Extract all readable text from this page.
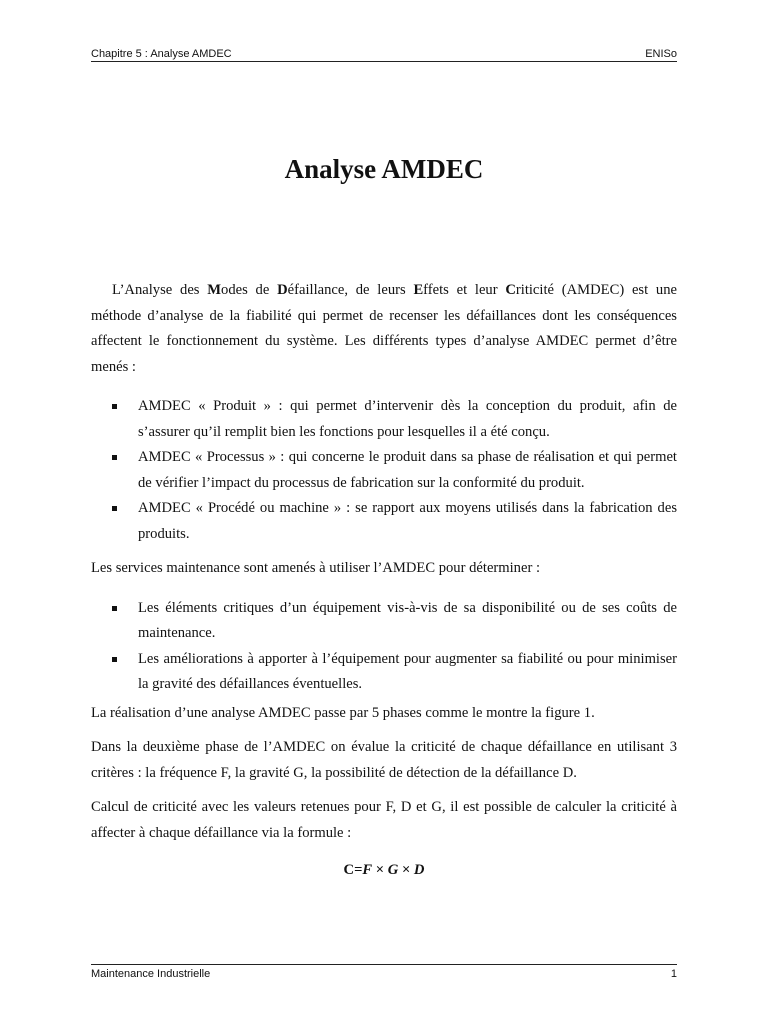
Chapitre 5 : Analyse AMDEC	ENISo
Analyse AMDEC

L’Analyse des Modes de Défaillance, de leurs Effets et leur Criticité (AMDEC) est une méthode d’analyse de la fiabilité qui permet de recenser les défaillances dont les conséquences affectent le fonctionnement du système. Les différents types d’analyse AMDEC permet d’être menés :

AMDEC « Produit » : qui permet d’intervenir dès la conception du produit, afin de s’assurer qu’il remplit bien les fonctions pour lesquelles il a été conçu.
AMDEC « Processus » : qui concerne le produit dans sa phase de réalisation et qui permet de vérifier l’impact du processus de fabrication sur la conformité du produit.
AMDEC « Procédé ou machine » : se rapport aux moyens utilisés dans la fabrication des produits.

Les services maintenance sont amenés à utiliser l’AMDEC pour déterminer :

Les éléments critiques d’un équipement vis-à-vis de sa disponibilité ou de ses coûts de maintenance.
Les améliorations à apporter à l’équipement pour augmenter sa fiabilité ou pour minimiser la gravité des défaillances éventuelles.

La réalisation d’une analyse AMDEC passe par 5 phases comme le montre la figure 1.

Dans la deuxième phase de l’AMDEC on évalue la criticité de chaque défaillance en utilisant 3 critères : la fréquence F, la gravité G, la possibilité de détection de la défaillance D.

Calcul de criticité avec les valeurs retenues pour F, D et G, il est possible de calculer la criticité à affecter à chaque défaillance via la formule :

C=F × G × D
Maintenance Industrielle	1
